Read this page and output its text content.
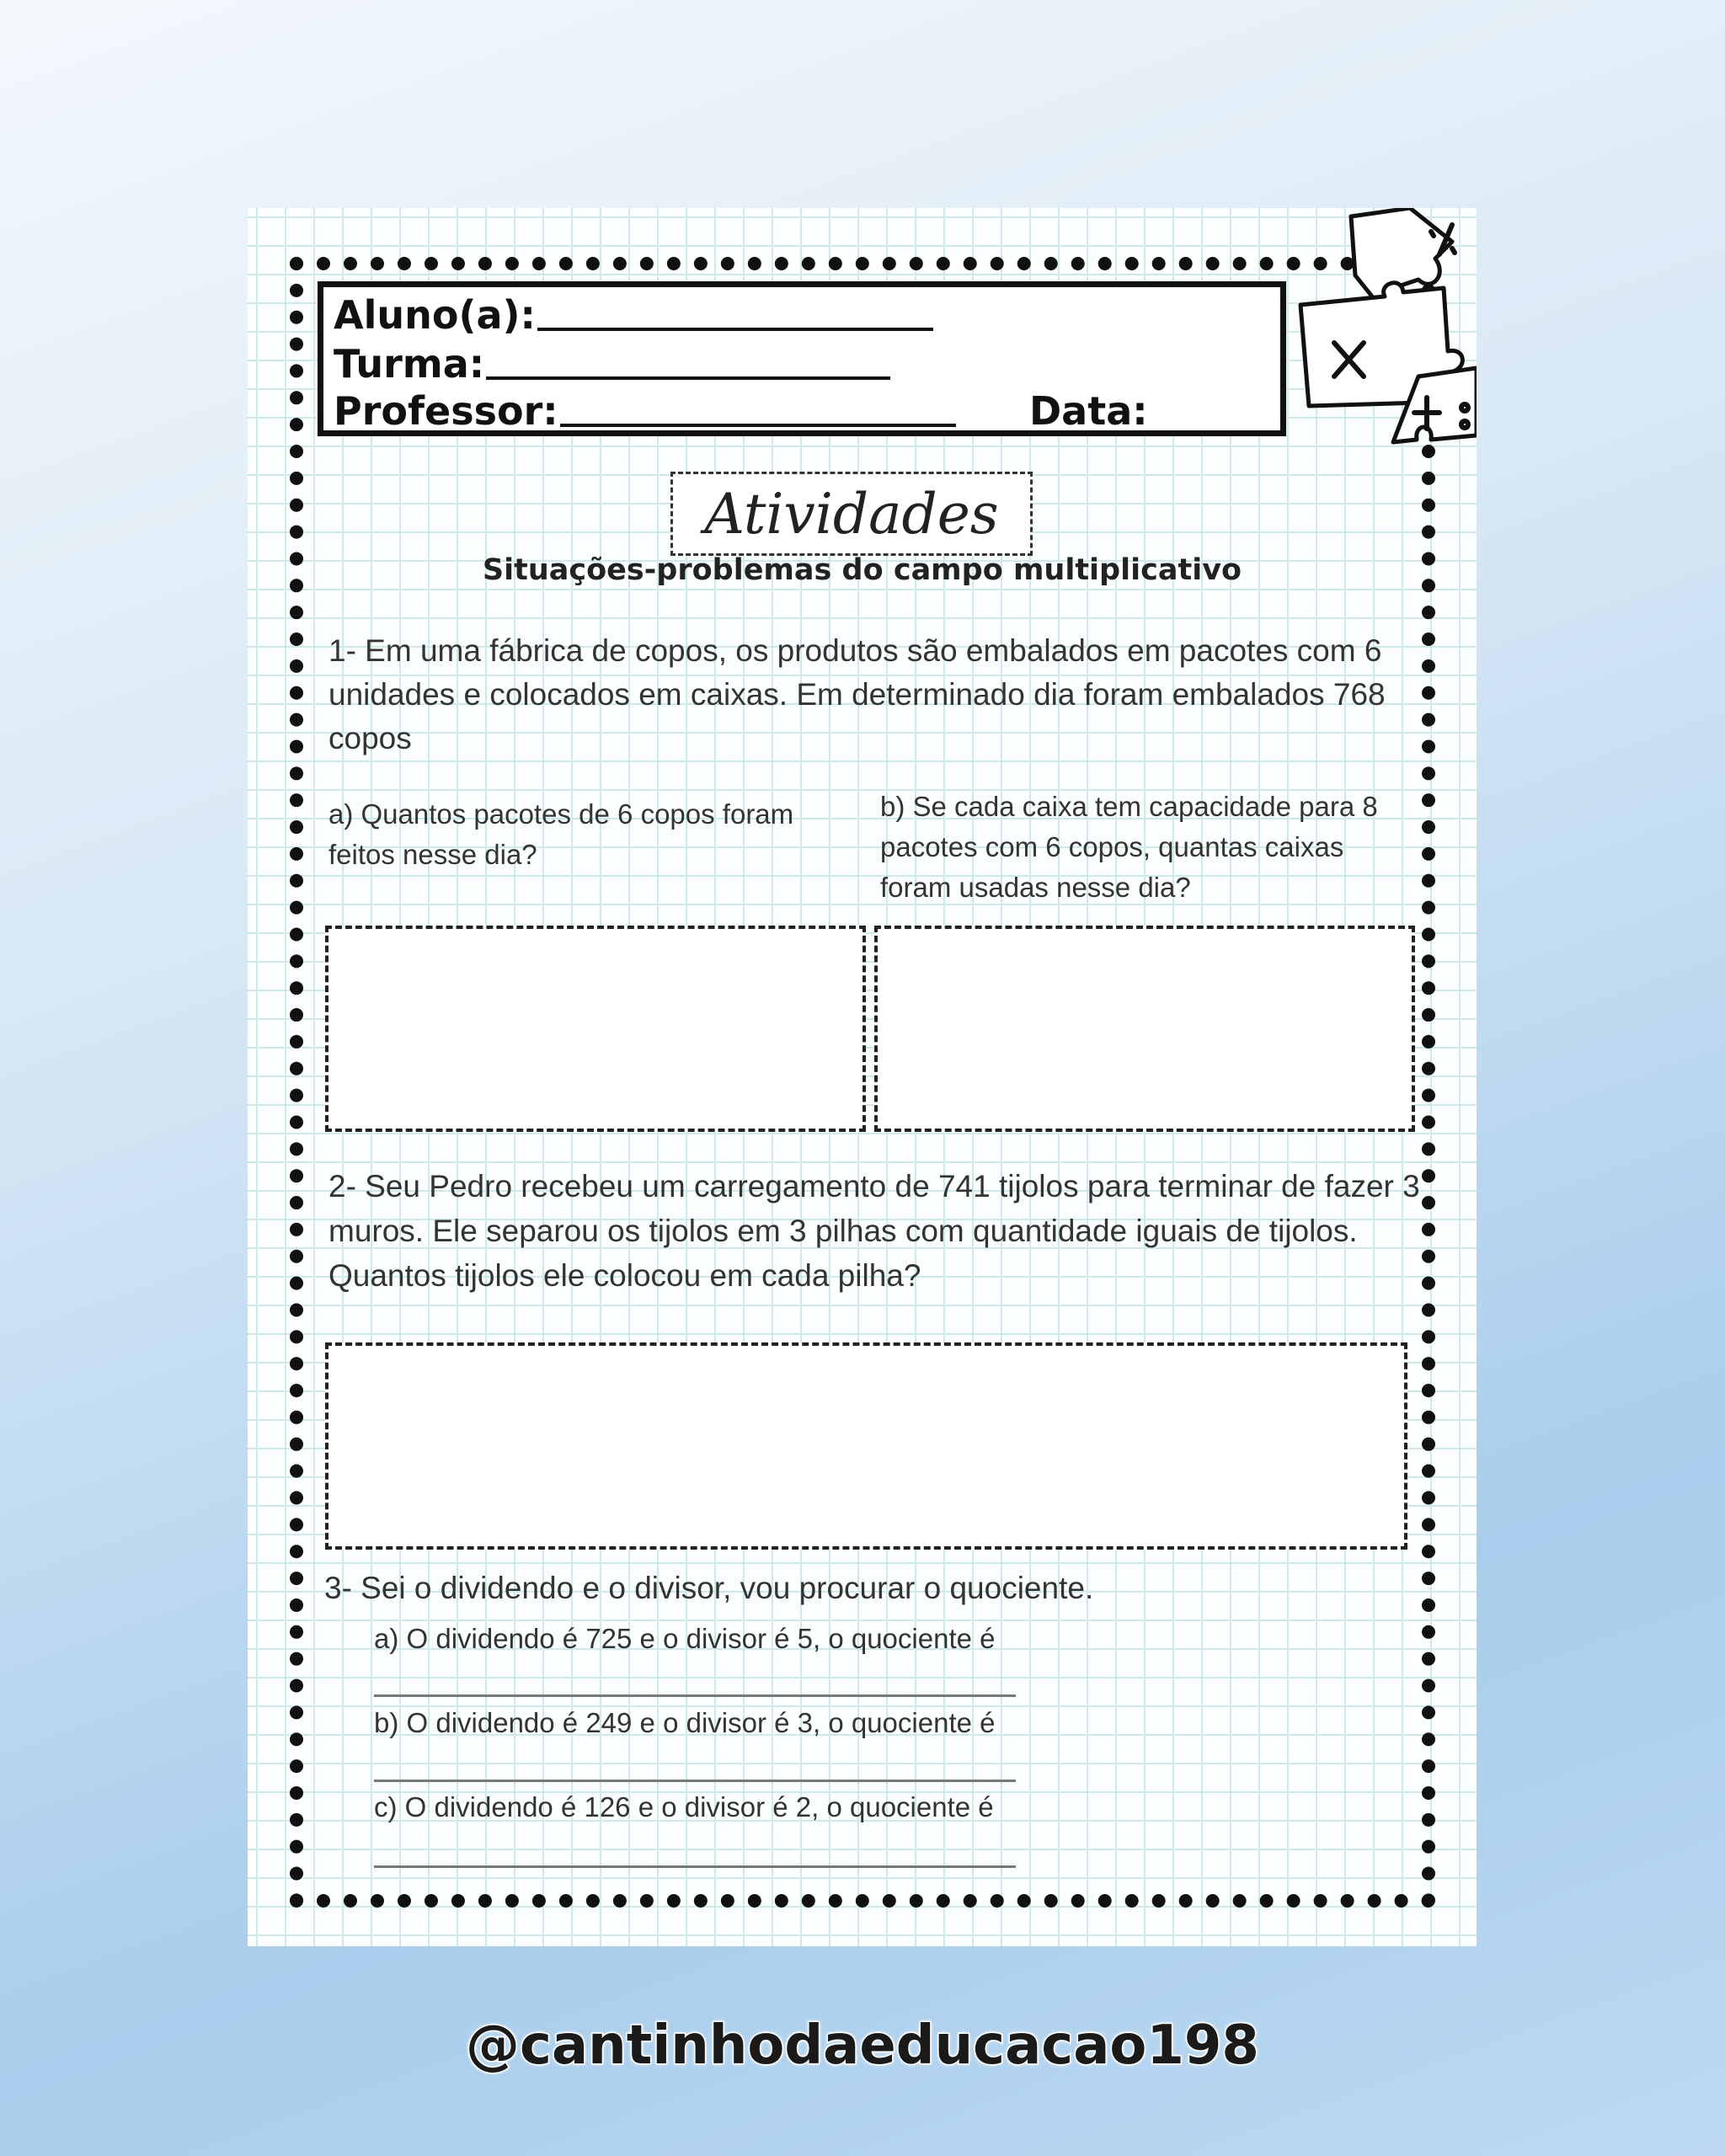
Aluno(a):
Turma:
Professor:	Data:
Atividades
Situações-problemas do campo multiplicativo

1- Em uma fábrica de copos, os produtos são embalados em pacotes com 6 unidades e colocados em caixas. Em determinado dia foram embalados 768 copos

a) Quantos pacotes de 6 copos foram feitos nesse dia?

b) Se cada caixa tem capacidade para 8 pacotes com 6 copos, quantas caixas foram usadas nesse dia?

2- Seu Pedro recebeu um carregamento de 741 tijolos para terminar de fazer 3 muros. Ele separou os tijolos em 3 pilhas com quantidade iguais de tijolos. Quantos tijolos ele colocou em cada pilha?

3- Sei o dividendo e o divisor, vou procurar o quociente.

a) O dividendo é 725 e o divisor é 5, o quociente é
b) O dividendo é 249 e o divisor é 3, o quociente é
c) O dividendo é 126 e o divisor é 2, o quociente é
@cantinhodaeducacao198
